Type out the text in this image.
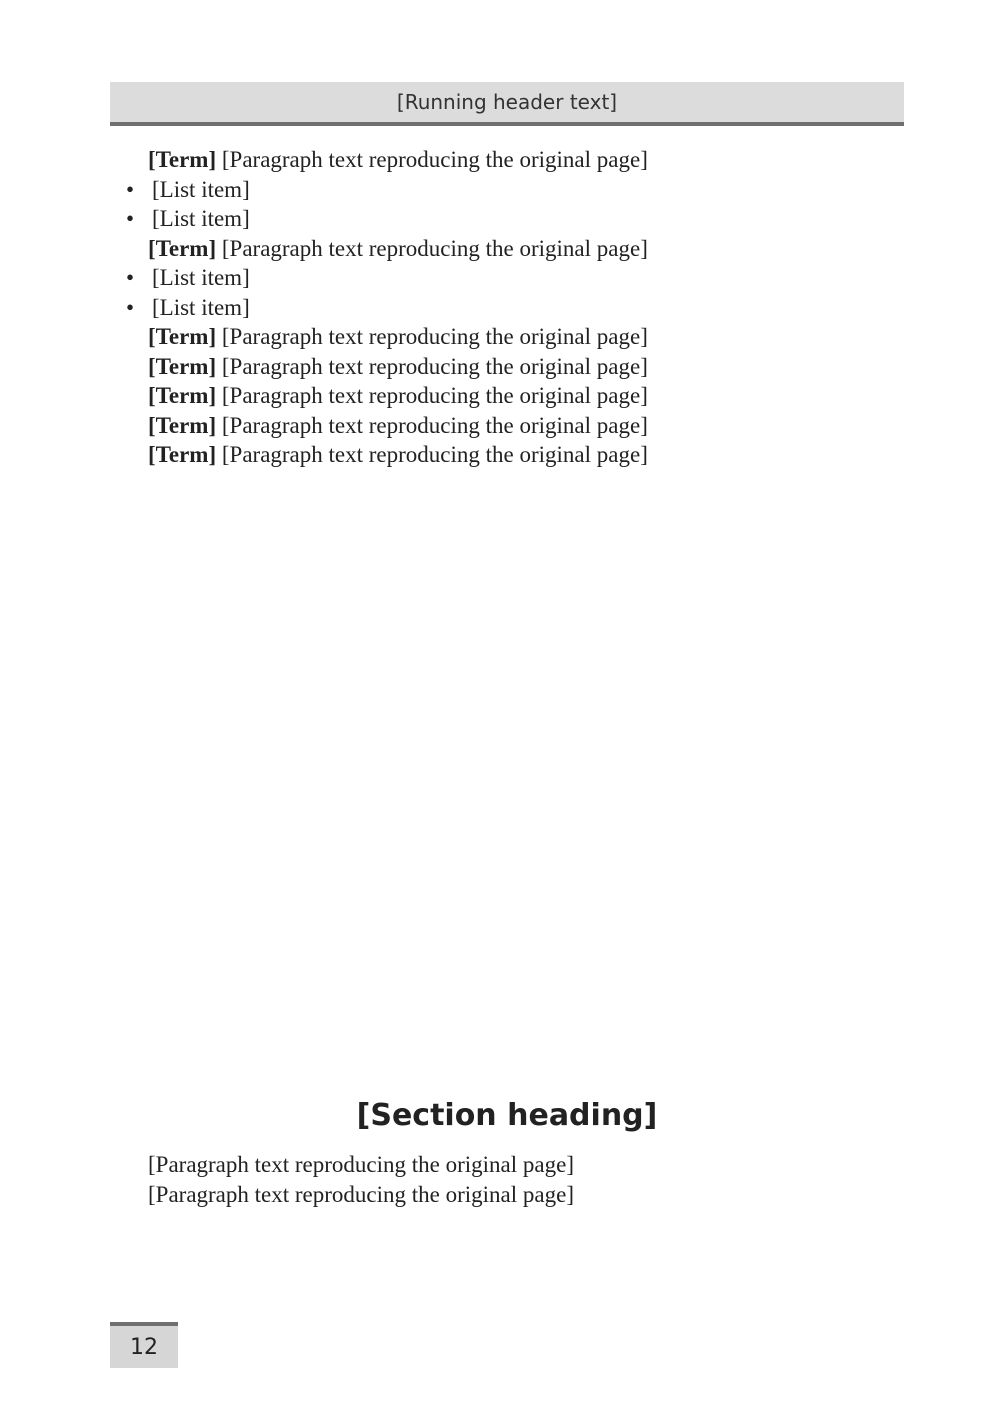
[Running header text]

[Term] [Paragraph text reproducing the original page]

• [List item]
• [List item]

[Term] [Paragraph text reproducing the original page]

• [List item]
• [List item]

[Term] [Paragraph text reproducing the original page]

[Term] [Paragraph text reproducing the original page]

[Term] [Paragraph text reproducing the original page]

[Term] [Paragraph text reproducing the original page]

[Term] [Paragraph text reproducing the original page]

[Section heading]

[Paragraph text reproducing the original page]

[Paragraph text reproducing the original page]

12
